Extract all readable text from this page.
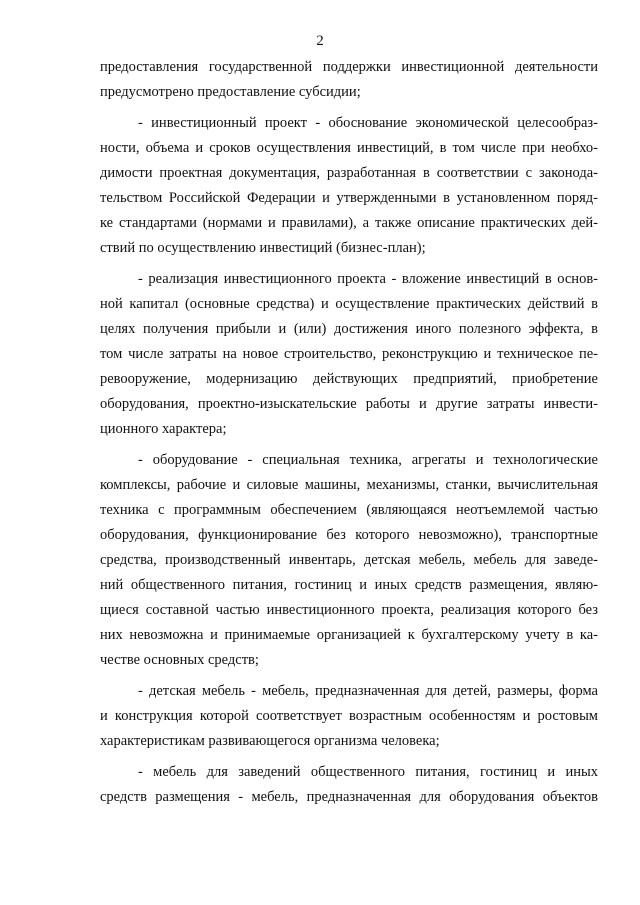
2

предоставления государственной поддержки инвестиционной деятельности
предусмотрено предоставление субсидии;

- инвестиционный проект - обоснование экономической целесообраз-
ности, объема и сроков осуществления инвестиций, в том числе при необхо-
димости проектная документация, разработанная в соответствии с законода-
тельством Российской Федерации и утвержденными в установленном поряд-
ке стандартами (нормами и правилами), а также описание практических дей-
ствий по осуществлению инвестиций (бизнес-план);

- реализация инвестиционного проекта - вложение инвестиций в основ-
ной капитал (основные средства) и осуществление практических действий в
целях получения прибыли и (или) достижения иного полезного эффекта, в
том числе затраты на новое строительство, реконструкцию и техническое пе-
ревооружение, модернизацию действующих предприятий, приобретение
оборудования, проектно-изыскательские работы и другие затраты инвести-
ционного характера;

- оборудование - специальная техника, агрегаты и технологические
комплексы, рабочие и силовые машины, механизмы, станки, вычислительная
техника с программным обеспечением (являющаяся неотъемлемой частью
оборудования, функционирование без которого невозможно), транспортные
средства, производственный инвентарь, детская мебель, мебель для заведе-
ний общественного питания, гостиниц и иных средств размещения, являю-
щиеся составной частью инвестиционного проекта, реализация которого без
них невозможна и принимаемые организацией к бухгалтерскому учету в ка-
честве основных средств;

- детская мебель - мебель, предназначенная для детей, размеры, форма
и конструкция которой соответствует возрастным особенностям и ростовым
характеристикам развивающегося организма человека;

- мебель для заведений общественного питания, гостиниц и иных
средств размещения - мебель, предназначенная для оборудования объектов
